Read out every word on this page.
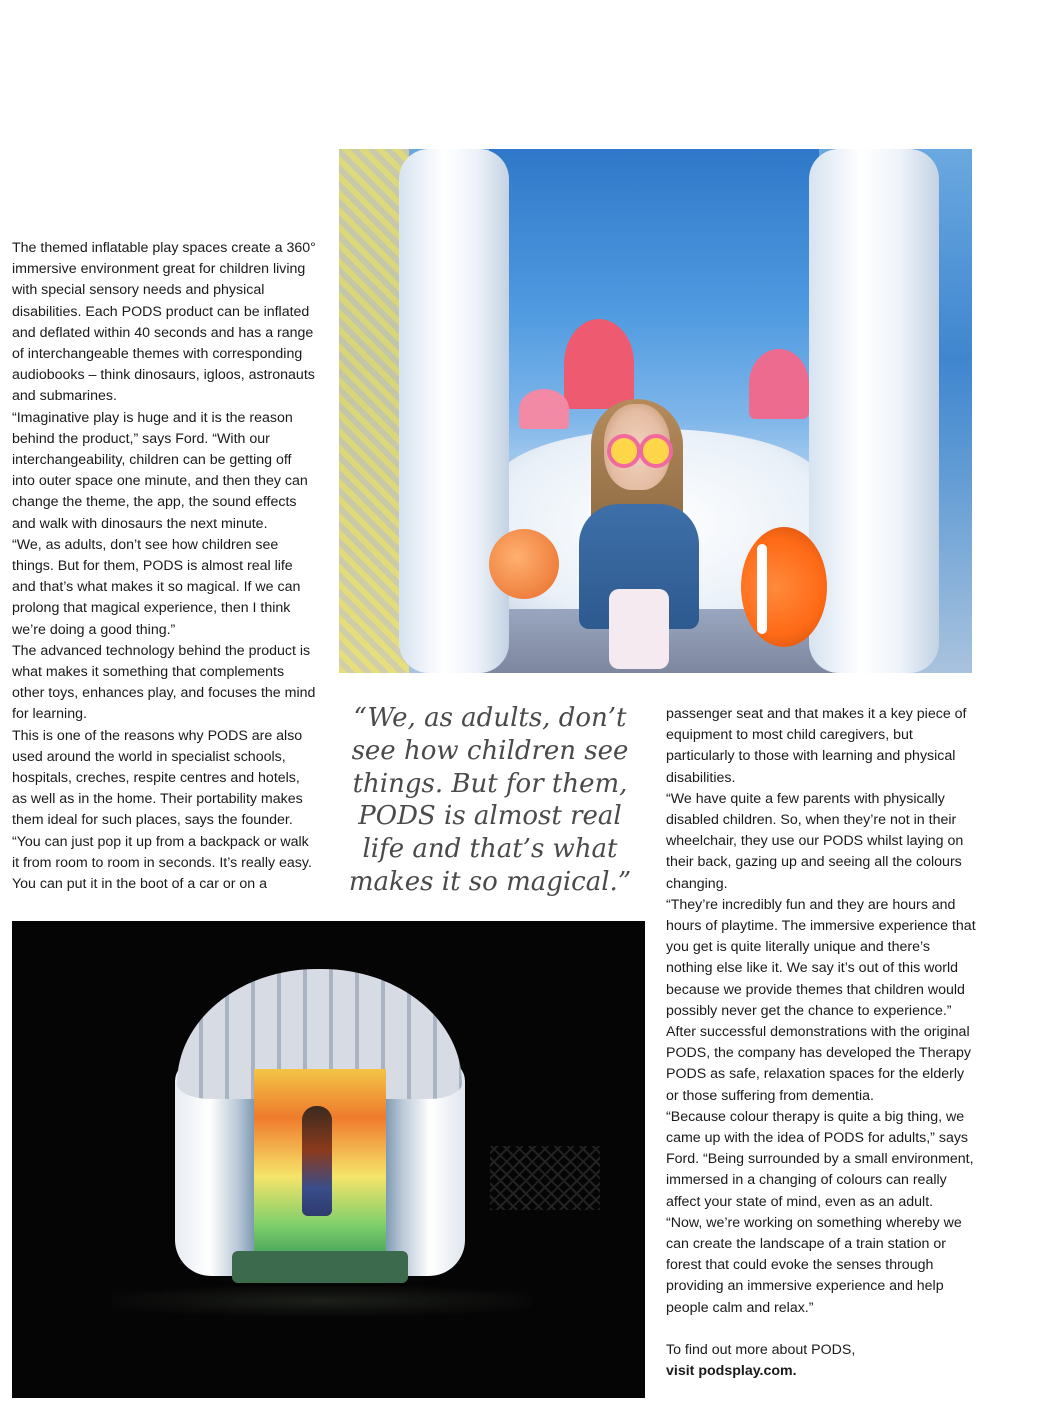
The themed inflatable play spaces create a 360° immersive environment great for children living with special sensory needs and physical disabilities. Each PODS product can be inflated and deflated within 40 seconds and has a range of interchangeable themes with corresponding audiobooks – think dinosaurs, igloos, astronauts and submarines.

“Imaginative play is huge and it is the reason behind the product,” says Ford. “With our interchangeability, children can be getting off into outer space one minute, and then they can change the theme, the app, the sound effects and walk with dinosaurs the next minute.

“We, as adults, don’t see how children see things. But for them, PODS is almost real life and that’s what makes it so magical. If we can prolong that magical experience, then I think we’re doing a good thing.”

The advanced technology behind the product is what makes it something that complements other toys, enhances play, and focuses the mind for learning.

This is one of the reasons why PODS are also used around the world in specialist schools, hospitals, creches, respite centres and hotels, as well as in the home. Their portability makes them ideal for such places, says the founder.

“You can just pop it up from a backpack or walk it from room to room in seconds. It’s really easy. You can put it in the boot of a car or on a

“We, as adults, don’t see how children see things. But for them, PODS is almost real life and that’s what makes it so magical.”

passenger seat and that makes it a key piece of equipment to most child caregivers, but particularly to those with learning and physical disabilities.

“We have quite a few parents with physically disabled children. So, when they’re not in their wheelchair, they use our PODS whilst laying on their back, gazing up and seeing all the colours changing.

“They’re incredibly fun and they are hours and hours of playtime. The immersive experience that you get is quite literally unique and there’s nothing else like it. We say it’s out of this world because we provide themes that children would possibly never get the chance to experience.”

After successful demonstrations with the original PODS, the company has developed the Therapy PODS as safe, relaxation spaces for the elderly or those suffering from dementia.

“Because colour therapy is quite a big thing, we came up with the idea of PODS for adults,” says Ford. “Being surrounded by a small environment, immersed in a changing of colours can really affect your state of mind, even as an adult.

“Now, we’re working on something whereby we can create the landscape of a train station or forest that could evoke the senses through providing an immersive experience and help people calm and relax.”

To find out more about PODS,

visit podsplay.com.
